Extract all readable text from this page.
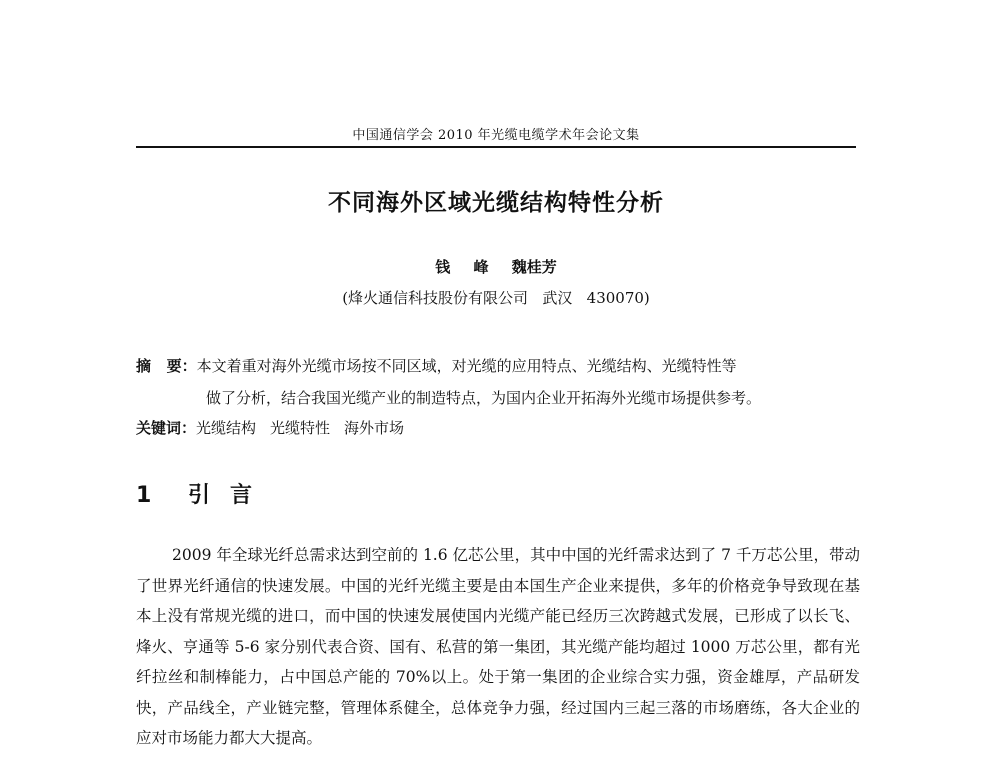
中国通信学会 2010 年光缆电缆学术年会论文集
不同海外区域光缆结构特性分析
钱 峰 魏桂芳
(烽火通信科技股份有限公司   武汉   430070)
摘   要：本文着重对海外光缆市场按不同区域，对光缆的应用特点、光缆结构、光缆特性等
做了分析，结合我国光缆产业的制造特点，为国内企业开拓海外光缆市场提供参考。
关键词：光缆结构 光缆特性 海外市场
1 引言

2009 年全球光纤总需求达到空前的 1.6 亿芯公里，其中中国的光纤需求达到了 7 千万芯公里，带动了世界光纤通信的快速发展。中国的光纤光缆主要是由本国生产企业来提供，多年的价格竞争导致现在基本上没有常规光缆的进口，而中国的快速发展使国内光缆产能已经历三次跨越式发展，已形成了以长飞、烽火、亨通等 5-6 家分别代表合资、国有、私营的第一集团，其光缆产能均超过 1000 万芯公里，都有光纤拉丝和制棒能力，占中国总产能的 70%以上。处于第一集团的企业综合实力强，资金雄厚，产品研发快，产品线全，产业链完整，管理体系健全，总体竞争力强，经过国内三起三落的市场磨练，各大企业的应对市场能力都大大提高。
